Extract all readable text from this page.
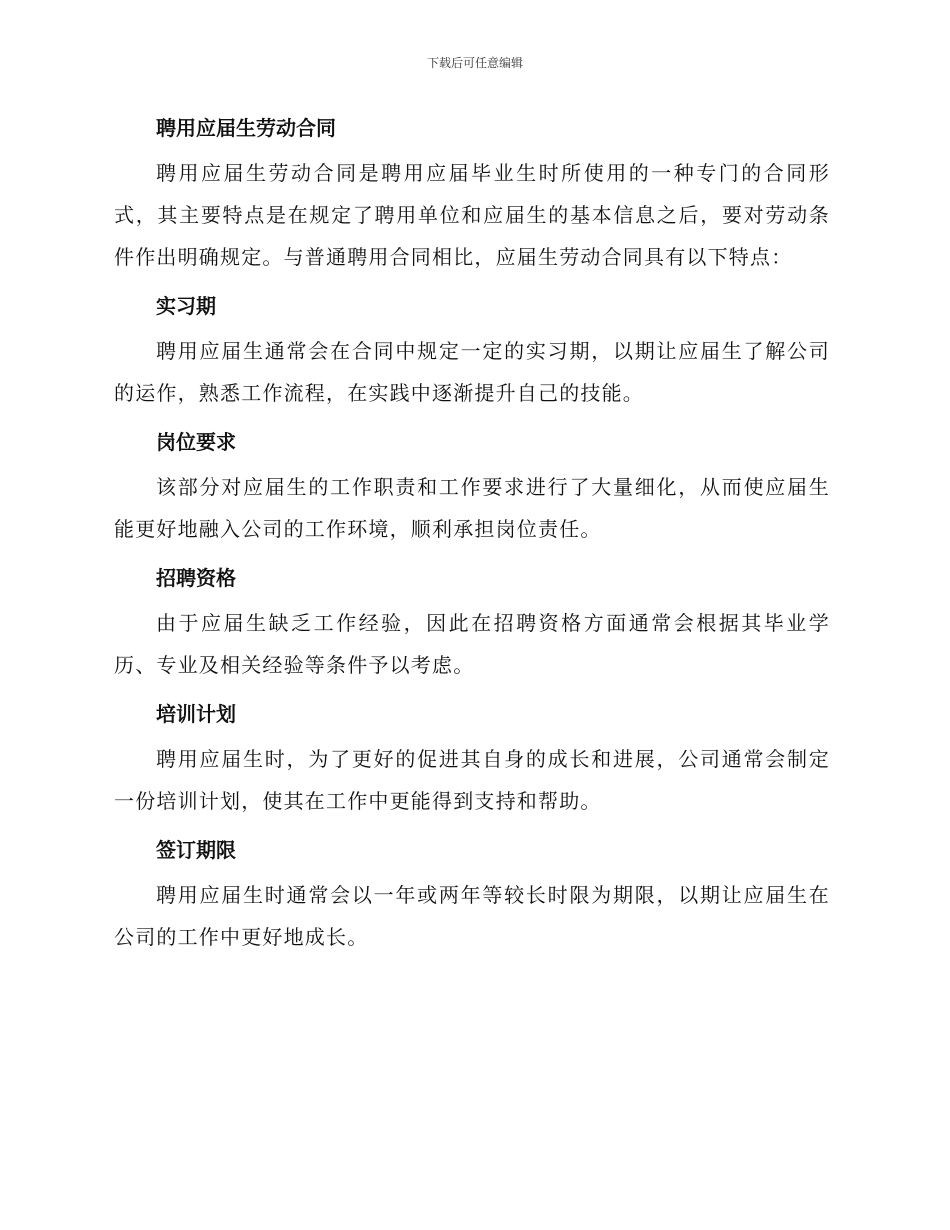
下载后可任意编辑
聘用应届生劳动合同

聘用应届生劳动合同是聘用应届毕业生时所使用的一种专门的合同形式，其主要特点是在规定了聘用单位和应届生的基本信息之后，要对劳动条件作出明确规定。与普通聘用合同相比，应届生劳动合同具有以下特点：

实习期

聘用应届生通常会在合同中规定一定的实习期，以期让应届生了解公司的运作，熟悉工作流程，在实践中逐渐提升自己的技能。

岗位要求

该部分对应届生的工作职责和工作要求进行了大量细化，从而使应届生能更好地融入公司的工作环境，顺利承担岗位责任。

招聘资格

由于应届生缺乏工作经验，因此在招聘资格方面通常会根据其毕业学历、专业及相关经验等条件予以考虑。

培训计划

聘用应届生时，为了更好的促进其自身的成长和进展，公司通常会制定一份培训计划，使其在工作中更能得到支持和帮助。

签订期限

聘用应届生时通常会以一年或两年等较长时限为期限，以期让应届生在公司的工作中更好地成长。
